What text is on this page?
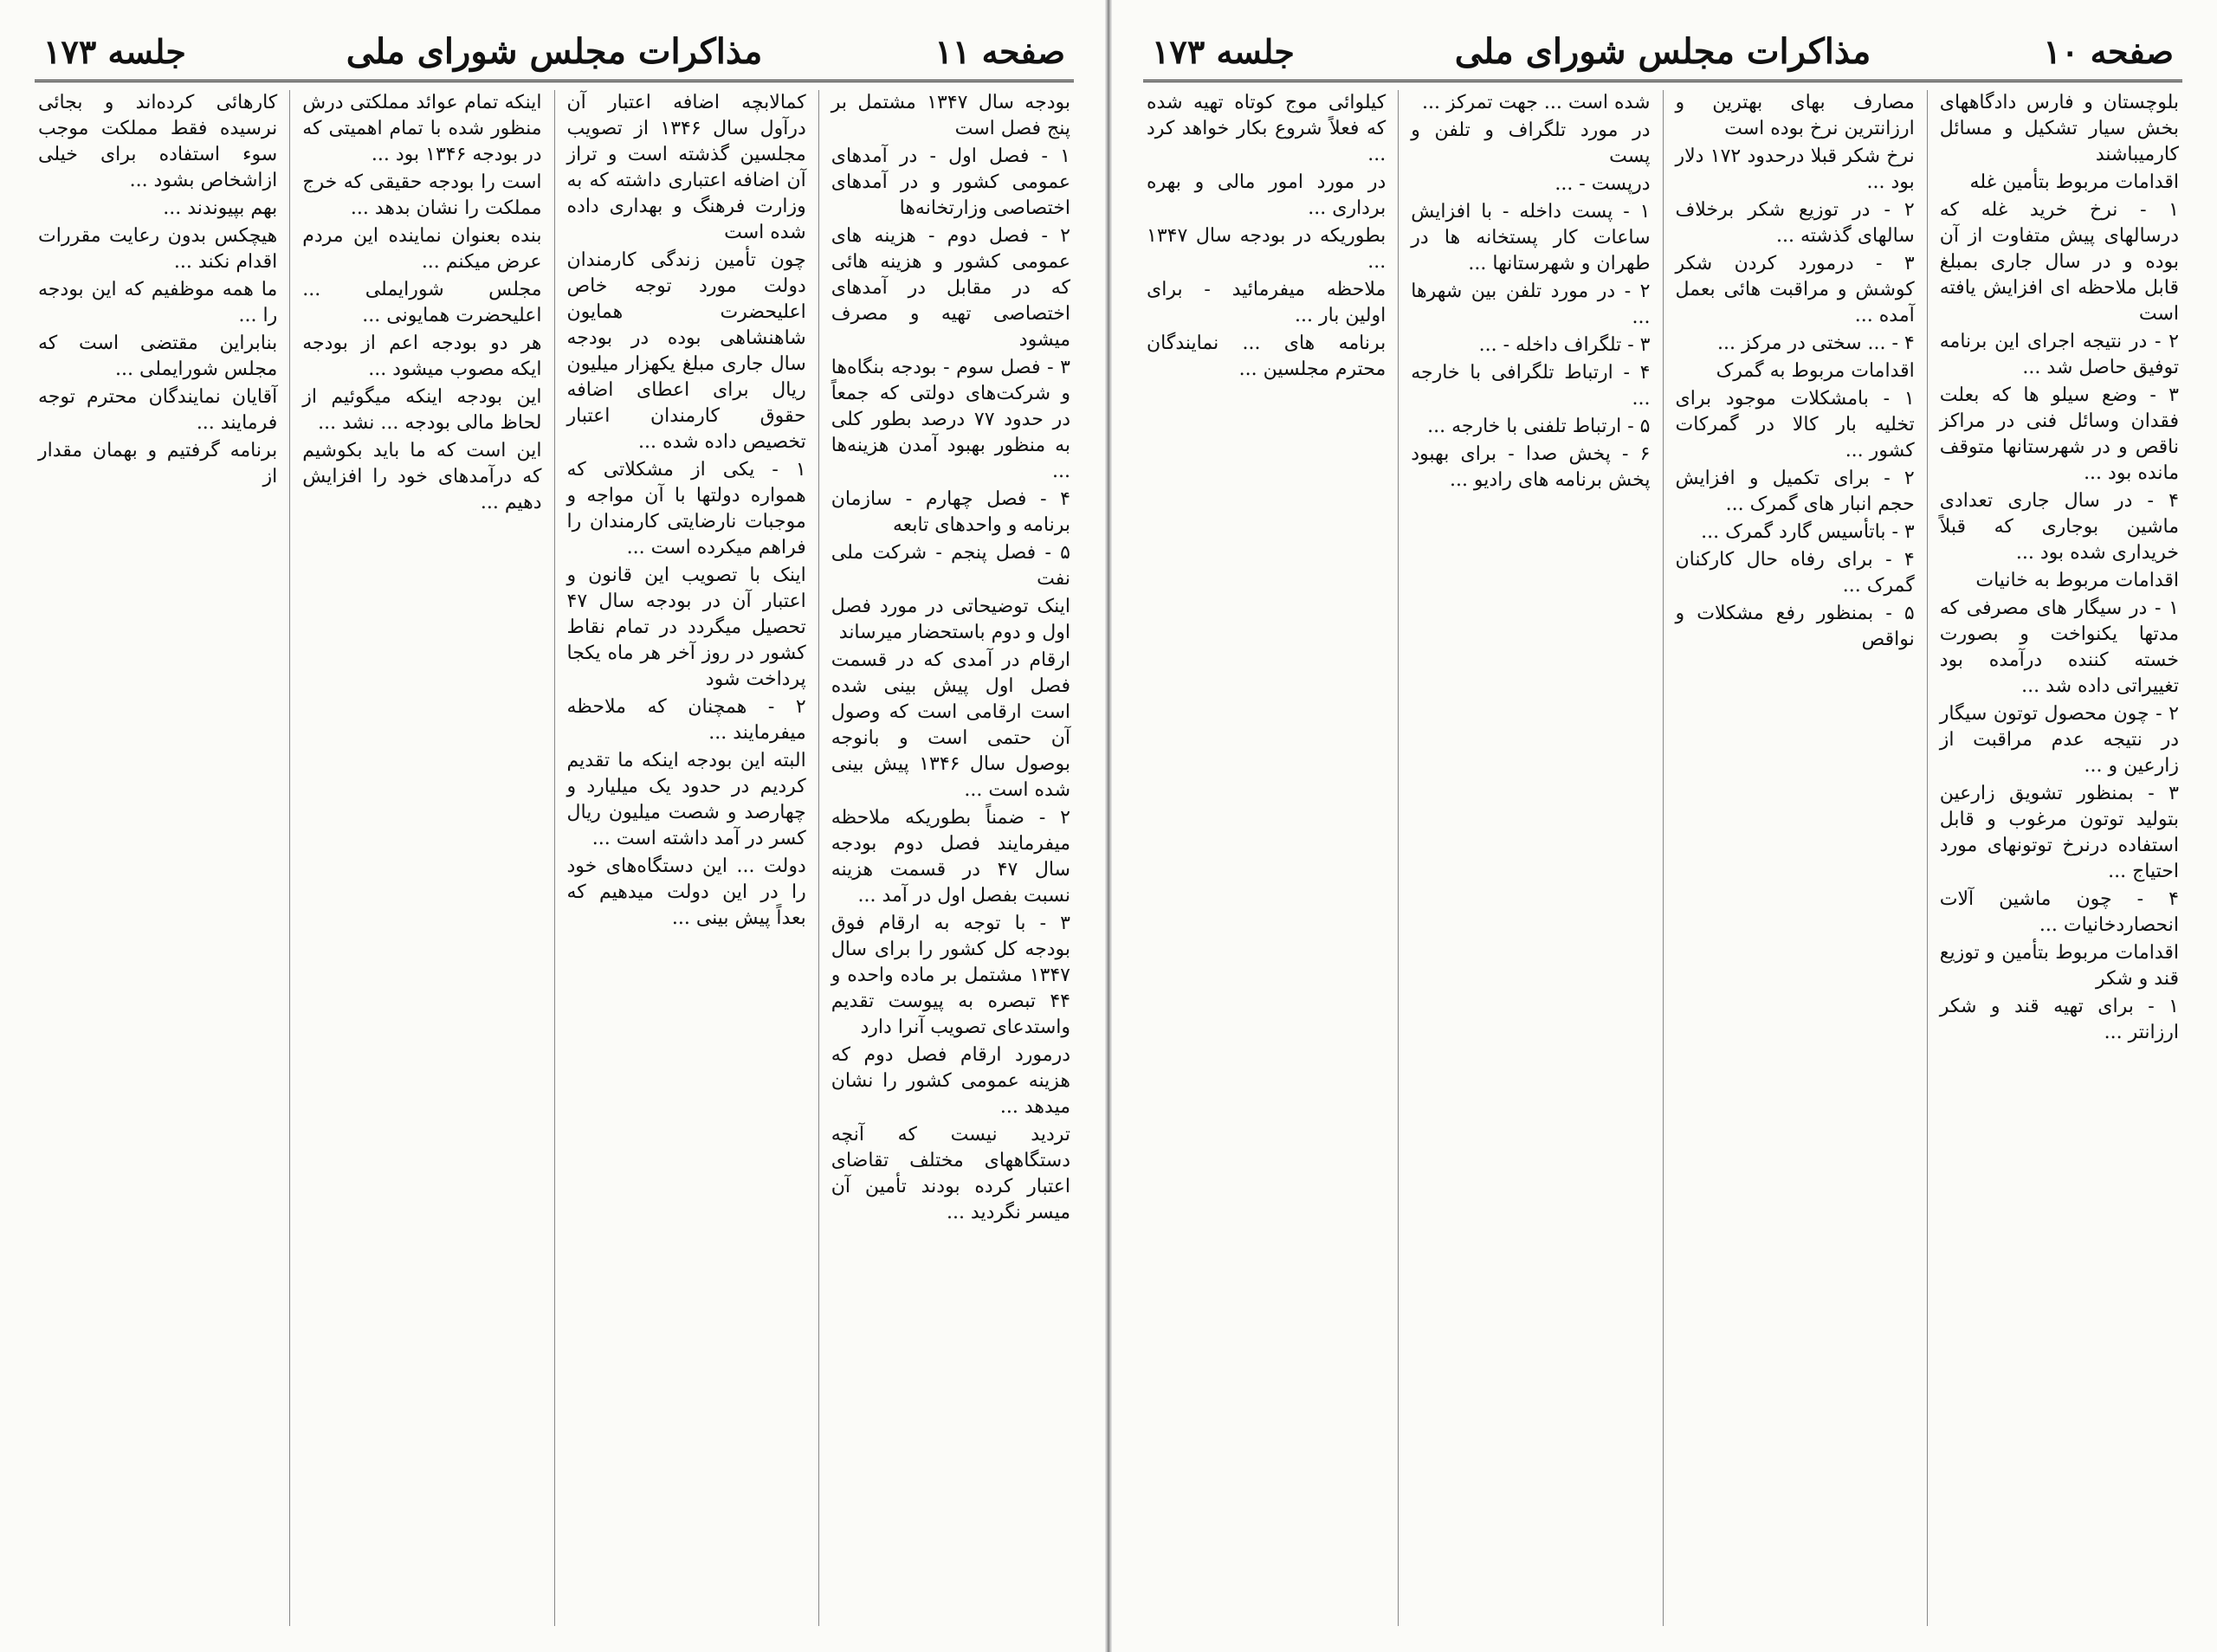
صفحه ۱۱
مذاکرات مجلس شورای ملی
جلسه ۱۷۳

بودجه سال ۱۳۴۷ مشتمل بر پنج فصل است

۱ - فصل اول - در آمدهای عمومی کشور و در آمدهای اختصاصی وزارتخانه‌ها

۲ - فصل دوم - هزینه های عمومی کشور و هزینه هائی که در مقابل در آمدهای اختصاصی تهیه و مصرف میشود

۳ - فصل سوم - بودجه بنگاه‌ها و شرکت‌های دولتی که جمعاً در حدود ۷۷ درصد بطور کلی به منظور بهبود آمدن هزینه‌ها ...

۴ - فصل چهارم - سازمان برنامه و واحدهای تابعه

۵ - فصل پنجم - شرکت ملی نفت

اینک توضیحاتی در مورد فصل اول و دوم باستحضار میرساند

ارقام در آمدی که در قسمت فصل اول پیش بینی شده است ارقامی است که وصول آن حتمی است و بانوجه بوصول سال ۱۳۴۶ پیش بینی شده است ...

۲ - ضمناً بطوریکه ملاحظه میفرمایند فصل دوم بودجه سال ۴۷ در قسمت هزینه نسبت بفصل اول در آمد ...

۳ - با توجه به ارقام فوق بودجه کل کشور را برای سال ۱۳۴۷ مشتمل بر ماده واحده و ۴۴ تبصره به پیوست تقدیم واستدعای تصویب آنرا دارد

درمورد ارقام فصل دوم که هزینه عمومی کشور را نشان میدهد ...

تردید نیست که آنچه دستگاههای مختلف تقاضای اعتبار کرده بودند تأمین آن میسر نگردید ...

کمالابچه اضافه اعتبار آن درآول سال ۱۳۴۶ از تصویب مجلسین گذشته است و تراز آن اضافه اعتباری داشته که به وزارت فرهنگ و بهداری داده شده است

چون تأمین زندگی کارمندان دولت مورد توجه خاص اعلیحضرت همایون شاهنشاهی بوده در بودجه سال جاری مبلغ یکهزار میلیون ریال برای اعطای اضافه حقوق کارمندان اعتبار تخصیص داده شده ...

۱ - یکی از مشکلاتی که همواره دولتها با آن مواجه و موجبات نارضایتی کارمندان را فراهم میکرده است ...

اینک با تصویب این قانون و اعتبار آن در بودجه سال ۴۷ تحصیل میگردد در تمام نقاط کشور در روز آخر هر ماه یکجا پرداخت شود

۲ - همچنان که ملاحظه میفرمایند ...

البته این بودجه اینکه ما تقدیم کردیم در حدود یک میلیارد و چهارصد و شصت میلیون ریال کسر در آمد داشته است ...

دولت ... این دستگاه‌های خود را در این دولت میدهیم که بعداً پیش بینی ...

اینکه تمام عوائد مملکتی درش منظور شده با تمام اهمیتی که در بودجه ۱۳۴۶ بود ...

است را بودجه حقیقی که خرج مملکت را نشان بدهد ...

بنده بعنوان نماینده این مردم عرض میکنم ...

مجلس شورایملی ... اعلیحضرت همایونی ...

هر دو بودجه اعم از بودجه ایکه مصوب میشود ...

این بودجه اینکه میگوئیم از لحاظ مالی بودجه ... نشد ...

این است که ما باید بکوشیم که درآمدهای خود را افزایش دهیم ...

کارهائی کرده‌اند و بجائی نرسیده فقط مملکت موجب سوء استفاده برای خیلی ازاشخاص بشود ...

بهم بپیوندند ...

هیچکس بدون رعایت مقررات اقدام نکند ...

ما همه موظفیم که این بودجه را ...

بنابراین مقتضی است که مجلس شورایملی ...

آقایان نمایندگان محترم توجه فرمایند ...

برنامه گرفتیم و بهمان مقدار از

صفحه ۱۰
مذاکرات مجلس شورای ملی
جلسه ۱۷۳

بلوچستان و فارس دادگاههای بخش سیار تشکیل و مسائل کارمیباشند

اقدامات مربوط بتأمین غله

۱ - نرخ خرید غله که درسالهای پیش متفاوت از آن بوده و در سال جاری بمبلغ قابل ملاحظه ای افزایش یافته است

۲ - در نتیجه اجرای این برنامه توفیق حاصل شد ...

۳ - وضع سیلو ها که بعلت فقدان وسائل فنی در مراکز ناقص و در شهرستانها متوقف مانده بود ...

۴ - در سال جاری تعدادی ماشین بوجاری که قبلاً خریداری شده بود ...

اقدامات مربوط به خانیات

۱ - در سیگار های مصرفی که مدتها یکنواخت و بصورت خسته کننده درآمده بود تغییراتی داده شد ...

۲ - چون محصول توتون سیگار در نتیجه عدم مراقبت از زارعین و ...

۳ - بمنظور تشویق زارعین بتولید توتون مرغوب و قابل استفاده درنرخ توتونهای مورد احتیاج ...

۴ - چون ماشین آلات انحصاردخانیات ...

اقدامات مربوط بتأمین و توزیع قند و شکر

۱ - برای تهیه قند و شکر ارزانتر ...

مصارف بهای بهترین و ارزانترین نرخ بوده است

نرخ شکر قبلا درحدود ۱۷۲ دلار بود ...

۲ - در توزیع شکر برخلاف سالهای گذشته ...

۳ - درمورد کردن شکر کوشش و مراقبت هائی بعمل آمده ...

۴ - ... سختی در مرکز ...

اقدامات مربوط به گمرک

۱ - بامشکلات موجود برای تخلیه بار کالا در گمرکات کشور ...

۲ - برای تکمیل و افزایش حجم انبار های گمرک ...

۳ - باتأسیس گارد گمرک ...

۴ - برای رفاه حال کارکنان گمرک ...

۵ - بمنظور رفع مشکلات و نواقص

شده است ... جهت تمرکز ...

در مورد تلگراف و تلفن و پست

درپست - ...

۱ - پست داخله - با افزایش ساعات کار پستخانه ها در طهران و شهرستانها ...

۲ - در مورد تلفن بین شهرها ...

۳ - تلگراف داخله - ...

۴ - ارتباط تلگرافی با خارجه ...

۵ - ارتباط تلفنی با خارجه ...

۶ - پخش صدا - برای بهبود پخش برنامه های رادیو ...

کیلوائی موج کوتاه تهیه شده که فعلاً شروع بکار خواهد کرد ...

در مورد امور مالی و بهره برداری ...

بطوریکه در بودجه سال ۱۳۴۷ ...

ملاحظه میفرمائید - برای اولین بار ...

برنامه های ... نمایندگان محترم مجلسین ...
